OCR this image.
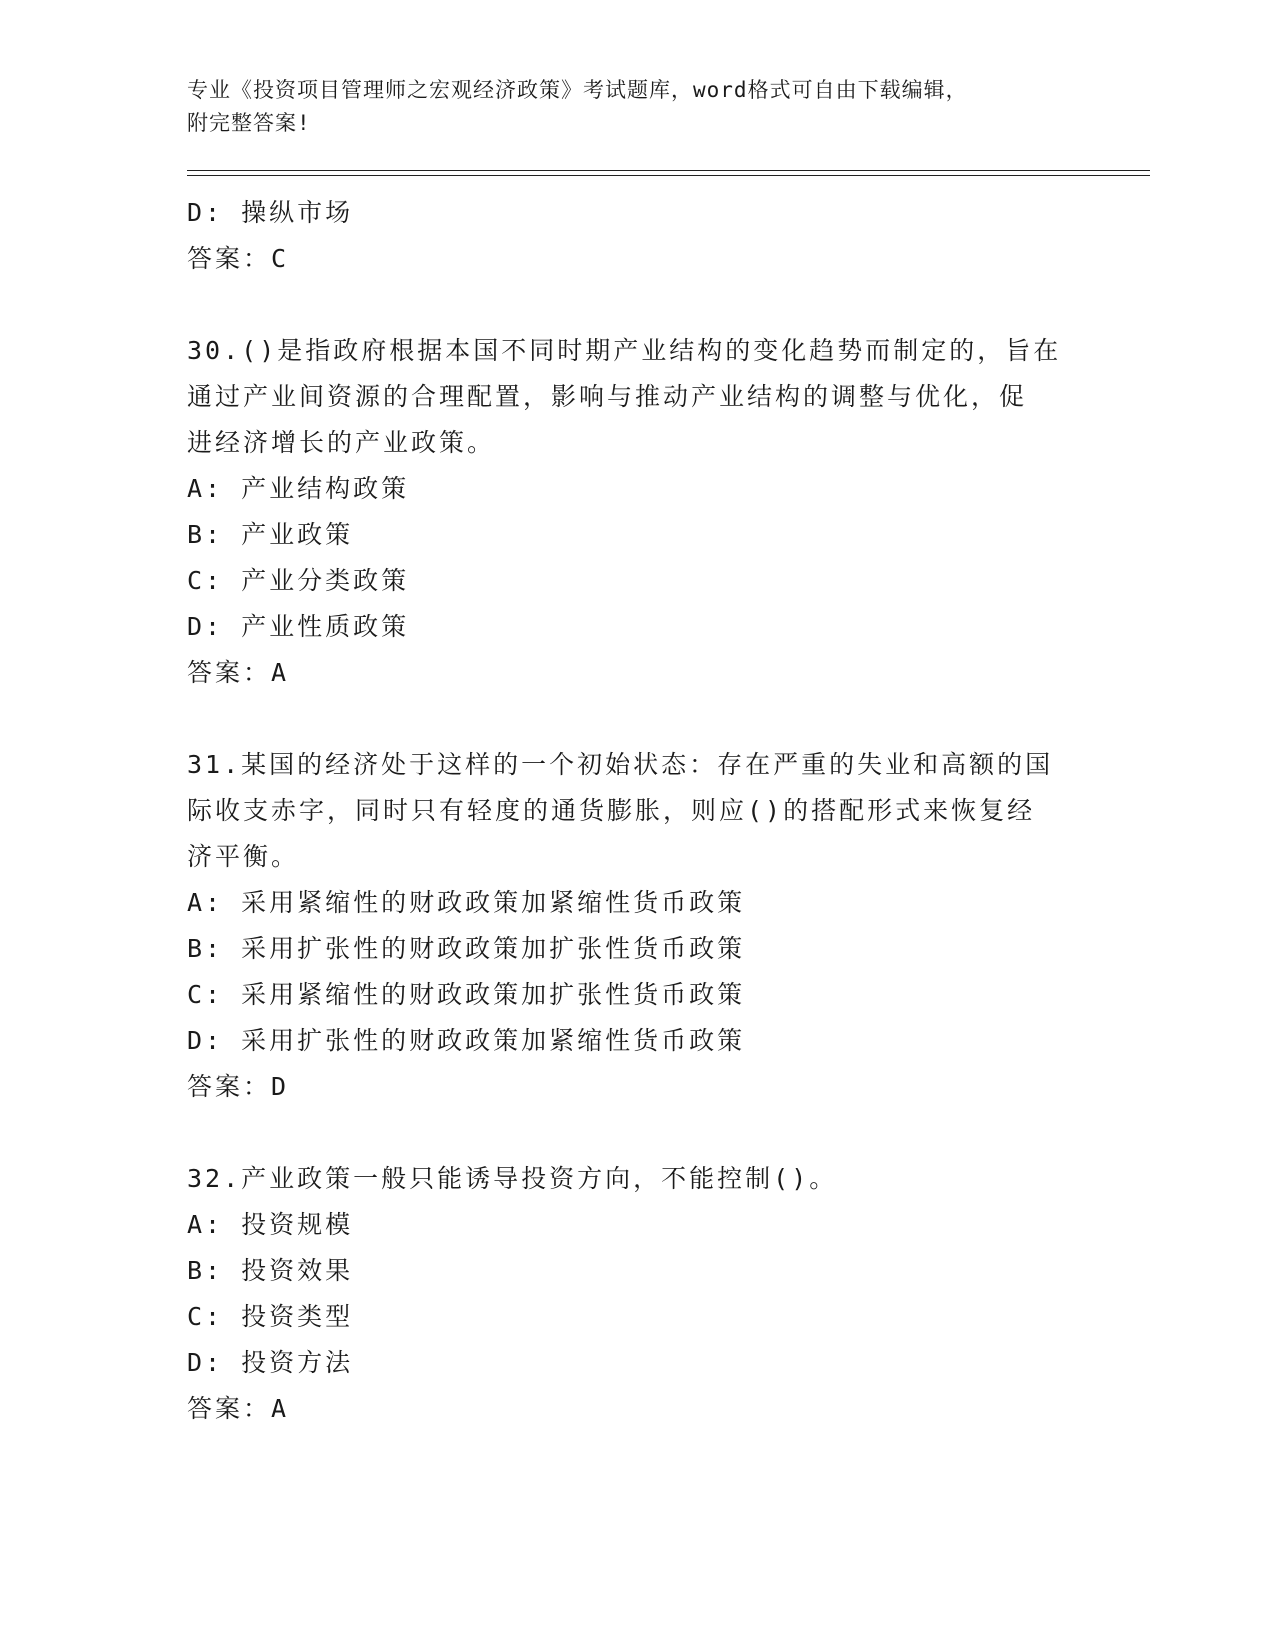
专业《投资项目管理师之宏观经济政策》考试题库，word格式可自由下载编辑，
附完整答案!
D: 操纵市场
答案：C
30.()是指政府根据本国不同时期产业结构的变化趋势而制定的，旨在
通过产业间资源的合理配置，影响与推动产业结构的调整与优化，促
进经济增长的产业政策。
A: 产业结构政策
B: 产业政策
C: 产业分类政策
D: 产业性质政策
答案：A
31.某国的经济处于这样的一个初始状态：存在严重的失业和高额的国
际收支赤字，同时只有轻度的通货膨胀，则应()的搭配形式来恢复经
济平衡。
A: 采用紧缩性的财政政策加紧缩性货币政策
B: 采用扩张性的财政政策加扩张性货币政策
C: 采用紧缩性的财政政策加扩张性货币政策
D: 采用扩张性的财政政策加紧缩性货币政策
答案：D
32.产业政策一般只能诱导投资方向，不能控制()。
A: 投资规模
B: 投资效果
C: 投资类型
D: 投资方法
答案：A
